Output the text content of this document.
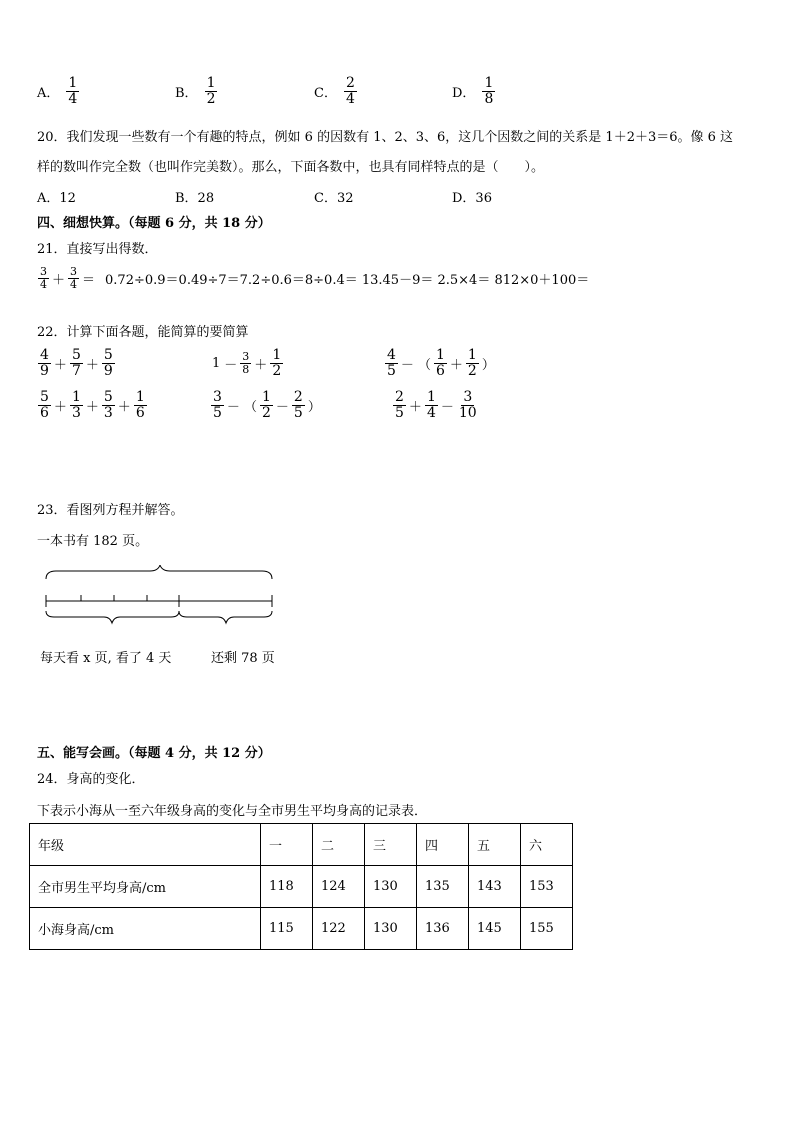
A． $\frac{1}{4}$	B． $\frac{1}{2}$	C． $\frac{2}{4}$	D． $\frac{1}{8}$
20．我们发现一些数有一个有趣的特点，例如 6 的因数有 1、2、3、6，这几个因数之间的关系是 1＋2＋3＝6。像 6 这
样的数叫作完全数（也叫作完美数）。那么，下面各数中，也具有同样特点的是（　　）。
A．12	B．28	C．32	D．36
四、细想快算。（每题 6 分，共 18 分）
21．直接写出得数．
$\frac{3}{4} + \frac{3}{4} = 0.72\div 0.9=0.49\div 7=7.2\div 0.6=8\div 0.4= 13.45-9= 2.5\times 4= 812\times 0+100=$
22．计算下面各题，能简算的要简算
$\frac{4}{9} + \frac{5}{7} + \frac{5}{9}$	$1 - \frac{3}{8} + \frac{1}{2}$	$\frac{4}{5}$ － （ $\frac{1}{6} + \frac{1}{2}$ ）
$\frac{5}{6} + \frac{1}{3} + \frac{5}{3} + \frac{1}{6}$	$\frac{3}{5}$ － （ $\frac{1}{2} - \frac{2}{5}$ ）	$\frac{2}{5} + \frac{1}{4} - \frac{3}{10}$
23．看图列方程并解答。
一本书有 182 页。
每天看 x 页, 看了 4 天	还剩 78 页
五、能写会画。（每题 4 分，共 12 分）
24．身高的变化．
下表示小海从一至六年级身高的变化与全市男生平均身高的记录表．
年级	一	二	三	四	五	六
全市男生平均身高/cm	118	124	130	135	143	153
小海身高/cm	115	122	130	136	145	155
